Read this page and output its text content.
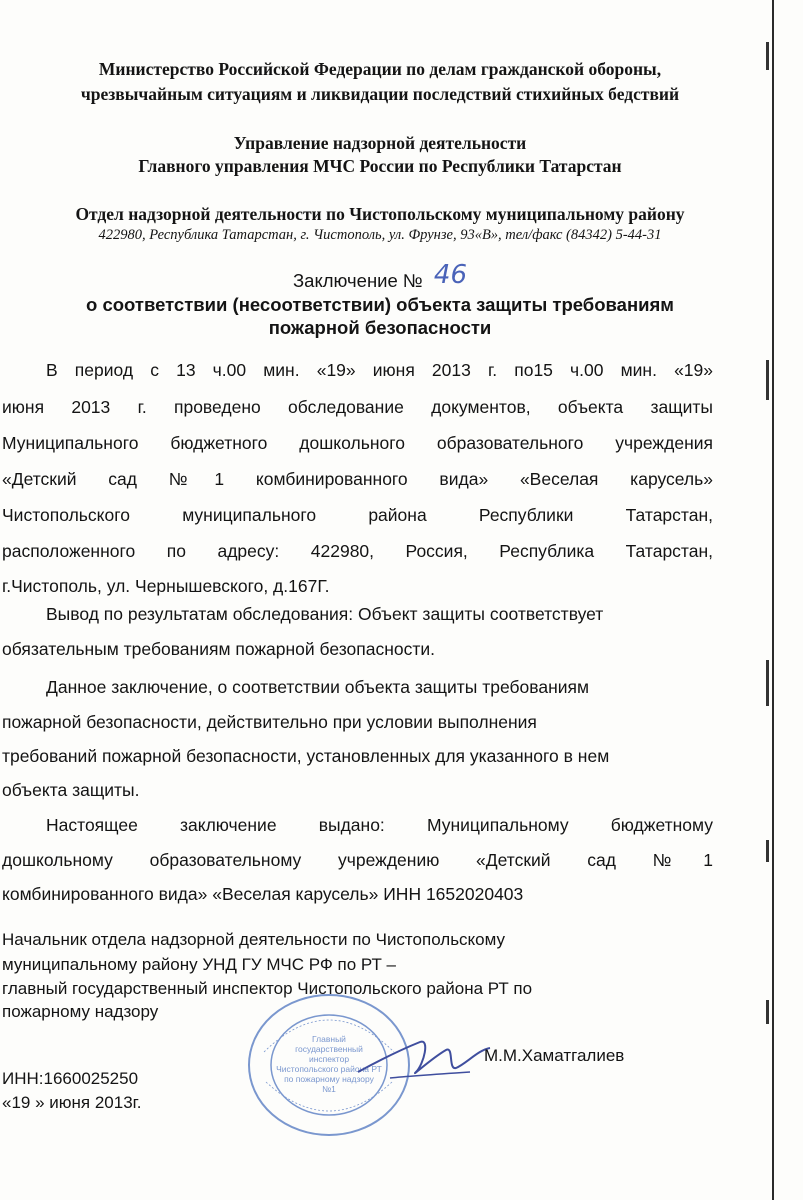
Министерство Российской Федерации по делам гражданской обороны,
чрезвычайным ситуациям и ликвидации последствий стихийных бедствий
Управление надзорной деятельности
Главного управления МЧС России по Республики Татарстан
Отдел надзорной деятельности по Чистопольскому муниципальному району
422980, Республика Татарстан, г. Чистополь, ул. Фрунзе, 93«В», тел/факс (84342) 5-44-31
Заключение № 46
о соответствии (несоответствии) объекта защиты требованиям
пожарной безопасности
В период с 13 ч.00 мин. «19» июня 2013 г. по15 ч.00 мин. «19»
июня 2013 г. проведено обследование документов, объекта защиты
Муниципального бюджетного дошкольного образовательного учреждения
«Детский сад №1 комбинированного вида» «Веселая карусель»
Чистопольского муниципального района Республики Татарстан,
расположенного по адресу: 422980, Россия, Республика Татарстан,
г.Чистополь, ул. Чернышевского, д.167Г.
Вывод по результатам обследования: Объект защиты соответствует
обязательным требованиям пожарной безопасности.
Данное заключение, о соответствии объекта защиты требованиям
пожарной безопасности, действительно при условии выполнения
требований пожарной безопасности, установленных для указанного в нем
объекта защиты.
Настоящее заключение выдано: Муниципальному бюджетному
дошкольному образовательному учреждению «Детский сад №1
комбинированного вида» «Веселая карусель» ИНН 1652020403
Начальник отдела надзорной деятельности по Чистопольскому
муниципальному району УНД ГУ МЧС РФ по РТ –
главный государственный инспектор Чистопольского района РТ по
пожарному надзору
Главный
государственный
инспектор
Чистопольского района РТ
по пожарному надзору
№1
М.М.Хаматгалиев
ИНН:1660025250
«19 » июня 2013г.
